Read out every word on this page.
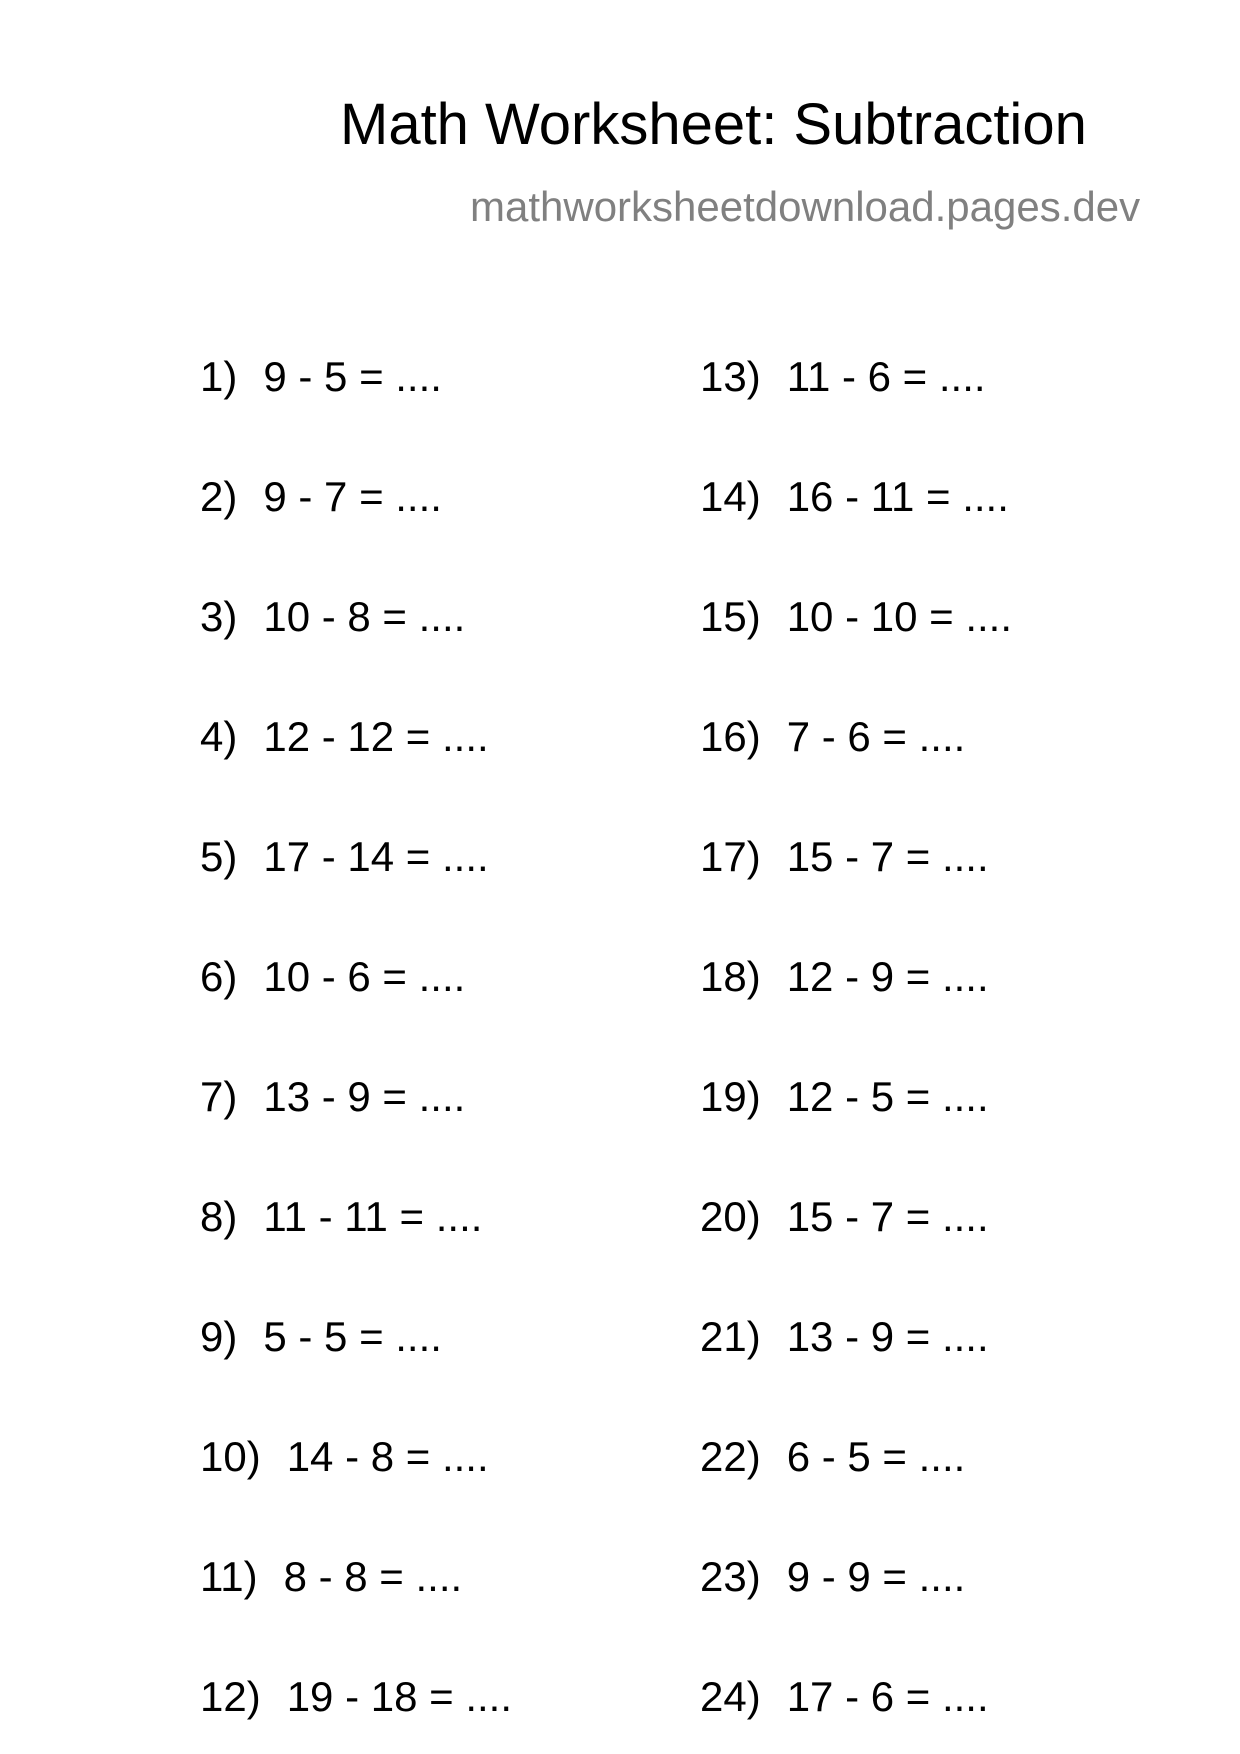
Math Worksheet: Subtraction
mathworksheetdownload.pages.dev
1) 9 - 5 = ....
2) 9 - 7 = ....
3) 10 - 8 = ....
4) 12 - 12 = ....
5) 17 - 14 = ....
6) 10 - 6 = ....
7) 13 - 9 = ....
8) 11 - 11 = ....
9) 5 - 5 = ....
10) 14 - 8 = ....
11) 8 - 8 = ....
12) 19 - 18 = ....
13) 11 - 6 = ....
14) 16 - 11 = ....
15) 10 - 10 = ....
16) 7 - 6 = ....
17) 15 - 7 = ....
18) 12 - 9 = ....
19) 12 - 5 = ....
20) 15 - 7 = ....
21) 13 - 9 = ....
22) 6 - 5 = ....
23) 9 - 9 = ....
24) 17 - 6 = ....
